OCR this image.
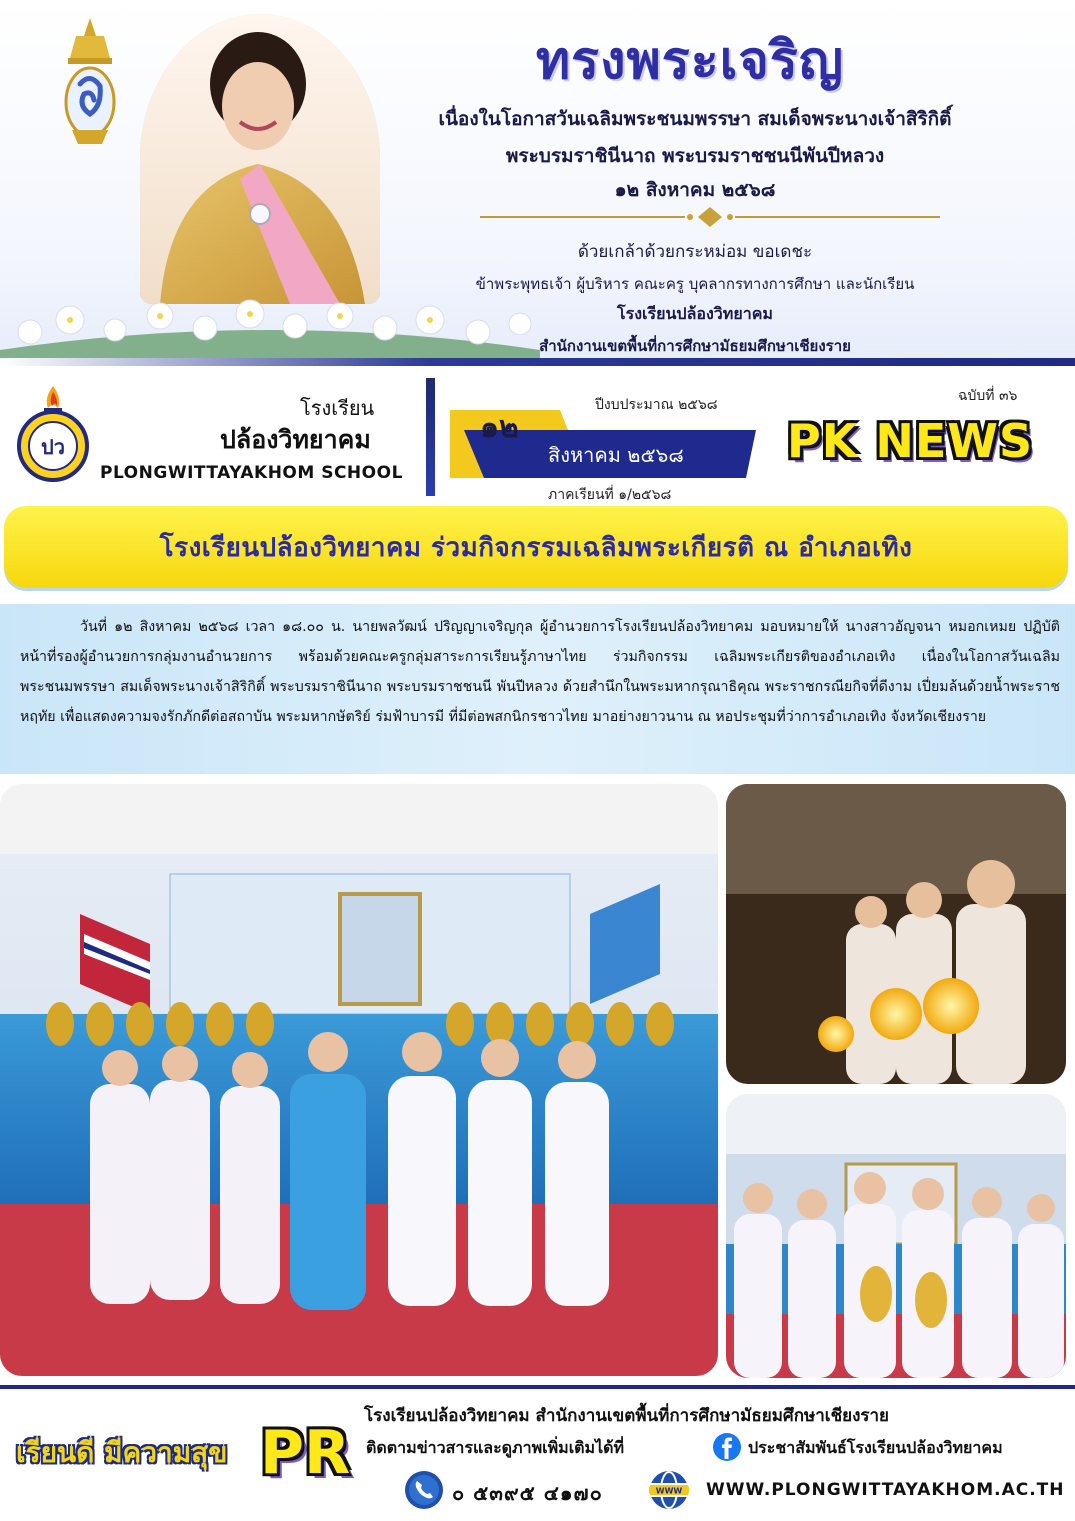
ทรงพระเจริญ
เนื่องในโอกาสวันเฉลิมพระชนมพรรษา สมเด็จพระนางเจ้าสิริกิติ์
พระบรมราชินีนาถ พระบรมราชชนนีพันปีหลวง
๑๒ สิงหาคม ๒๕๖๘
ด้วยเกล้าด้วยกระหม่อม ขอเดชะ
ข้าพระพุทธเจ้า ผู้บริหาร คณะครู บุคลากรทางการศึกษา และนักเรียน
โรงเรียนปล้องวิทยาคม
สำนักงานเขตพื้นที่การศึกษามัธยมศึกษาเชียงราย
ปว
โรงเรียน
ปล้องวิทยาคม
PLONGWITTAYAKHOM SCHOOL
๑๒
ปีงบประมาณ ๒๕๖๘
สิงหาคม ๒๕๖๘
ภาคเรียนที่ ๑/๒๕๖๘
ฉบับที่ ๓๖
PK NEWS
โรงเรียนปล้องวิทยาคม ร่วมกิจกรรมเฉลิมพระเกียรติ ณ อำเภอเทิง
วันที่ ๑๒ สิงหาคม ๒๕๖๘ เวลา ๑๘.๐๐ น. นายพลวัฒน์ ปริญญาเจริญกุล ผู้อำนวยการโรงเรียนปล้องวิทยาคม มอบหมายให้ นางสาวอัญจนา หมอกเหมย ปฏิบัติหน้าที่รองผู้อำนวยการกลุ่มงานอำนวยการ พร้อมด้วยคณะครูกลุ่มสาระการเรียนรู้ภาษาไทย ร่วมกิจกรรม เฉลิมพระเกียรติของอำเภอเทิง เนื่องในโอกาสวันเฉลิมพระชนมพรรษา สมเด็จพระนางเจ้าสิริกิติ์ พระบรมราชินีนาถ พระบรมราชชนนี พันปีหลวง ด้วยสำนึกในพระมหากรุณาธิคุณ พระราชกรณียกิจที่ดีงาม เปี่ยมล้นด้วยน้ำพระราชหฤทัย เพื่อแสดงความจงรักภักดีต่อสถาบัน พระมหากษัตริย์ ร่มฟ้าบารมี ที่มีต่อพสกนิกรชาวไทย มาอย่างยาวนาน ณ หอประชุมที่ว่าการอำเภอเทิง จังหวัดเชียงราย
โรงเรียนปล้องวิทยาคม สำนักงานเขตพื้นที่การศึกษามัธยมศึกษาเชียงราย
ติดตามข่าวสารและดูภาพเพิ่มเติมได้ที่	ประชาสัมพันธ์โรงเรียนปล้องวิทยาคม
เรียนดี มีความสุข PR
๐ ๕๓๙๕ ๔๑๗๐	WWW WWW.PLONGWITTAYAKHOM.AC.TH
